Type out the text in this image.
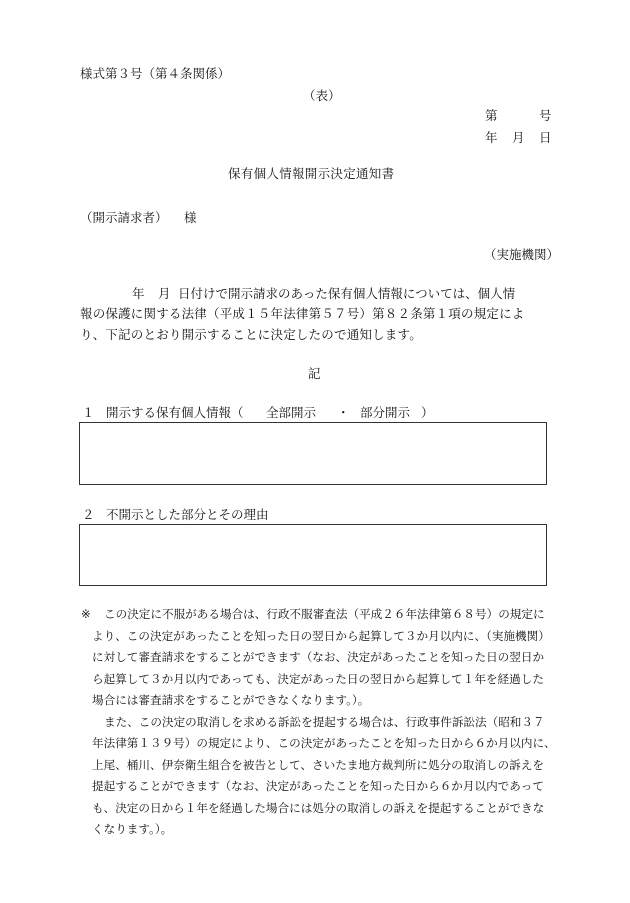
様式第３号（第４条関係）
（表）
第	号
年 月 日
保有個人情報開示決定通知書
（開示請求者） 様
（実施機関）
年 月 日付けで開示請求のあった保有個人情報については、個人情
報の保護に関する法律（平成１５年法律第５７号）第８２条第１項の規定によ
り、下記のとおり開示することに決定したので通知します。
記
１ 開示する保有個人情報（ 全部開示 ・ 部分開示 ）
２ 不開示とした部分とその理由
※	この決定に不服がある場合は、行政不服審査法（平成２６年法律第６８号）の規定に
より、この決定があったことを知った日の翌日から起算して３か月以内に、（実施機関）
に対して審査請求をすることができます（なお、決定があったことを知った日の翌日か
ら起算して３か月以内であっても、決定があった日の翌日から起算して１年を経過した
場合には審査請求をすることができなくなります。）。
また、この決定の取消しを求める訴訟を提起する場合は、行政事件訴訟法（昭和３７
年法律第１３９号）の規定により、この決定があったことを知った日から６か月以内に、
上尾、桶川、伊奈衛生組合を被告として、さいたま地方裁判所に処分の取消しの訴えを
提起することができます（なお、決定があったことを知った日から６か月以内であって
も、決定の日から１年を経過した場合には処分の取消しの訴えを提起することができな
くなります。）。
